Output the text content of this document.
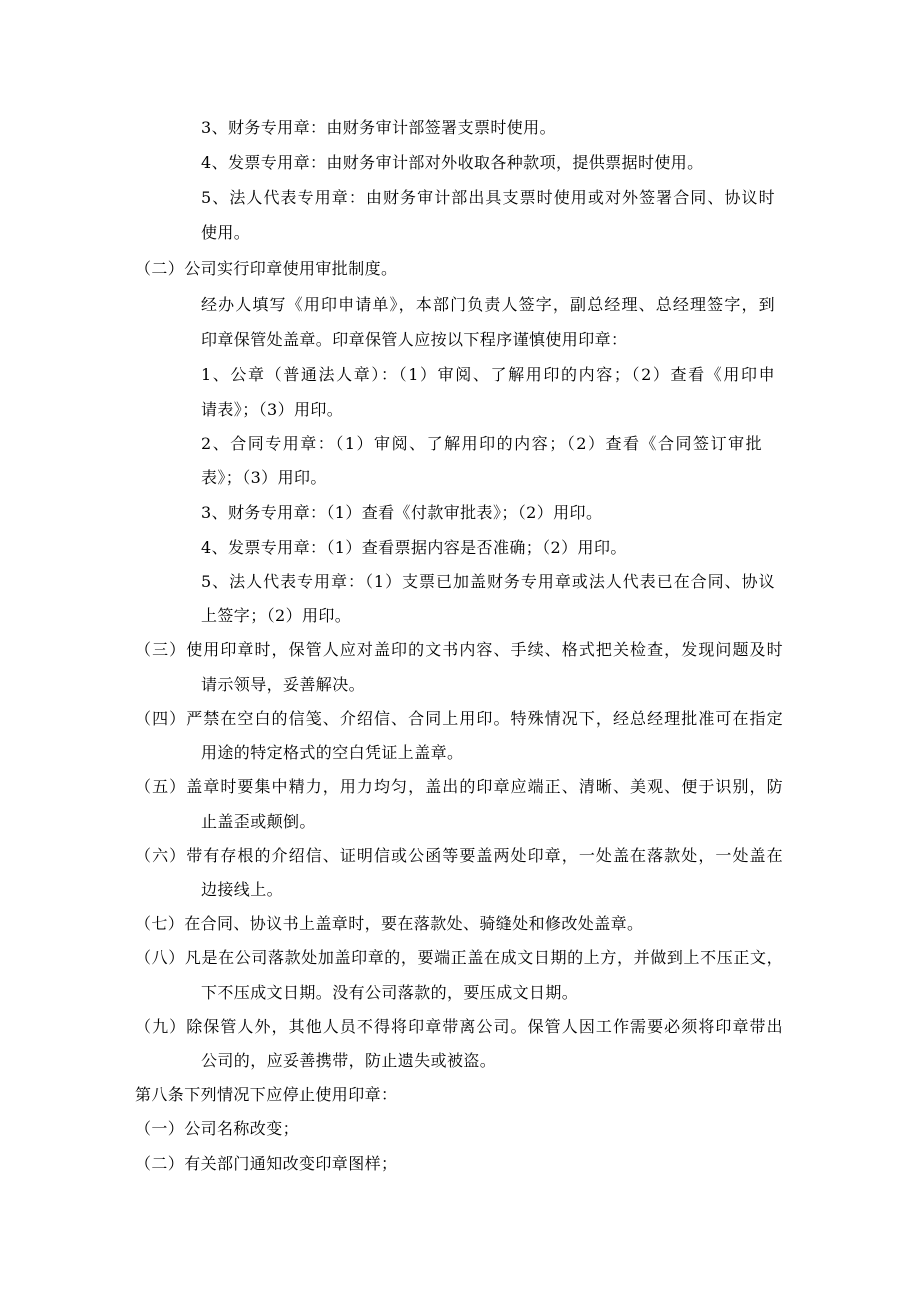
3、财务专用章：由财务审计部签署支票时使用。
4、发票专用章：由财务审计部对外收取各种款项，提供票据时使用。
5、法人代表专用章：由财务审计部出具支票时使用或对外签署合同、协议时
使用。
（二）公司实行印章使用审批制度。
经办人填写《用印申请单》，本部门负责人签字，副总经理、总经理签字，到
印章保管处盖章。印章保管人应按以下程序谨慎使用印章：
1、公章（普通法人章）：（1）审阅、了解用印的内容；（2）查看《用印申
请表》；（3）用印。
2、合同专用章：（1）审阅、了解用印的内容；（2）查看《合同签订审批
表》；（3）用印。
3、财务专用章：（1）查看《付款审批表》；（2）用印。
4、发票专用章：（1）查看票据内容是否准确；（2）用印。
5、法人代表专用章：（1）支票已加盖财务专用章或法人代表已在合同、协议
上签字；（2）用印。
（三）使用印章时，保管人应对盖印的文书内容、手续、格式把关检查，发现问题及时
请示领导，妥善解决。
（四）严禁在空白的信笺、介绍信、合同上用印。特殊情况下，经总经理批准可在指定
用途的特定格式的空白凭证上盖章。
（五）盖章时要集中精力，用力均匀，盖出的印章应端正、清晰、美观、便于识别，防
止盖歪或颠倒。
（六）带有存根的介绍信、证明信或公函等要盖两处印章，一处盖在落款处，一处盖在
边接线上。
（七）在合同、协议书上盖章时，要在落款处、骑缝处和修改处盖章。
（八）凡是在公司落款处加盖印章的，要端正盖在成文日期的上方，并做到上不压正文，
下不压成文日期。没有公司落款的，要压成文日期。
（九）除保管人外，其他人员不得将印章带离公司。保管人因工作需要必须将印章带出
公司的，应妥善携带，防止遗失或被盗。
第八条下列情况下应停止使用印章：
（一）公司名称改变；
（二）有关部门通知改变印章图样；
